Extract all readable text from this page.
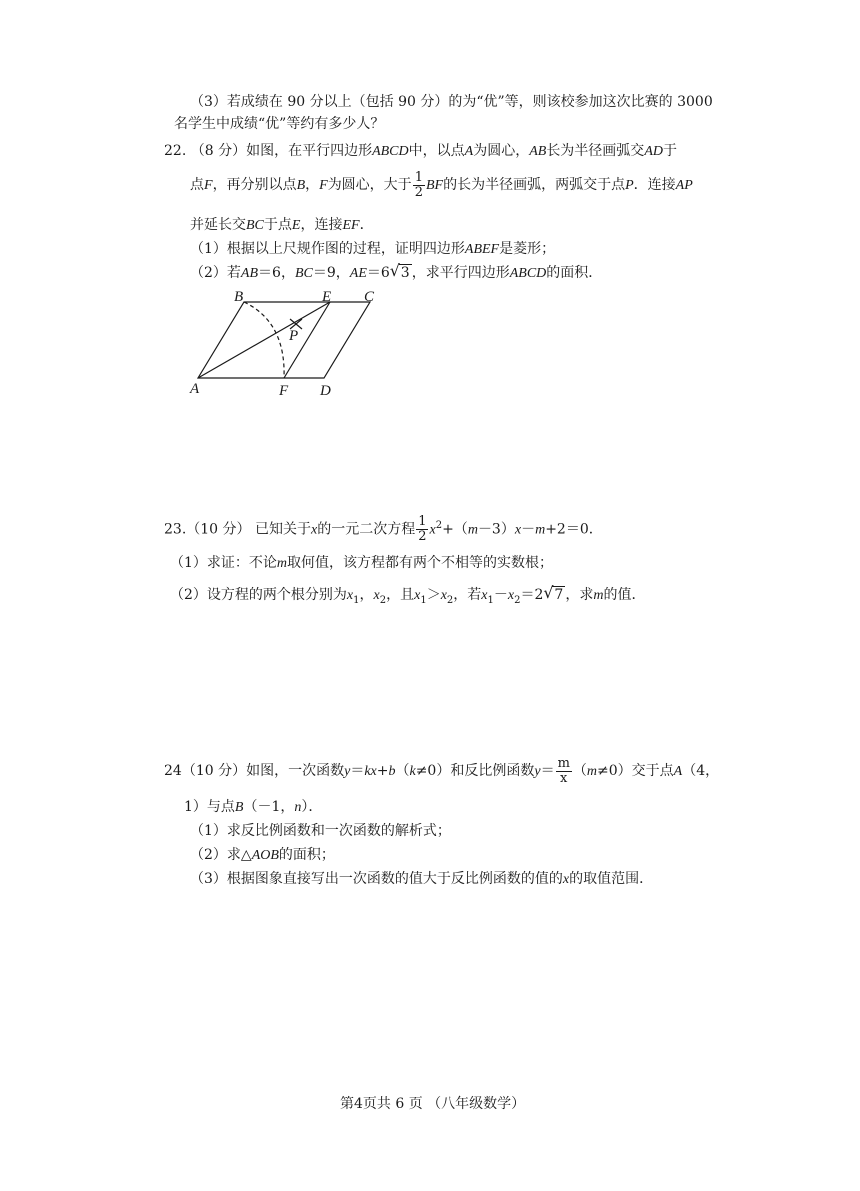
（3）若成绩在 90 分以上（包括 90 分）的为“优”等，则该校参加这次比赛的 3000
名学生中成绩“优”等约有多少人？
22. （8 分）如图，在平行四边形ABCD中，以点A为圆心，AB长为半径画弧交AD于
点F，再分别以点B，F为圆心，大于 $\frac{1}{2}$ BF的长为半径画弧，两弧交于点P．连接AP
并延长交BC于点E，连接EF．
（1）根据以上尺规作图的过程，证明四边形ABEF是菱形；
（2）若AB＝6，BC＝9，AE＝6 √ 3 ，求平行四边形ABCD的面积．
B	E C
P
A	F D
23.（10 分） 已知关于x的一元二次方程 $\frac{1}{2} x^2+(m-3)x-m+2=0$．
（1）求证：不论m取何值，该方程都有两个不相等的实数根；
（2）设方程的两个根分别为$x_1$，$x_2$，且$x_1>x_2$，若$x_1-x_2=2$ √ 7 ，求m的值．
24（10 分）如图，一次函数y＝kx+b（k≠0）和反比例函数$y= \frac{m}{x} (m\ne 0)$交于点A（4，
1）与点B（－1，n）．
（1）求反比例函数和一次函数的解析式；
（2）求△AOB的面积；
（3）根据图象直接写出一次函数的值大于反比例函数的值的x的取值范围．
第4页共 6 页 （八年级数学）
